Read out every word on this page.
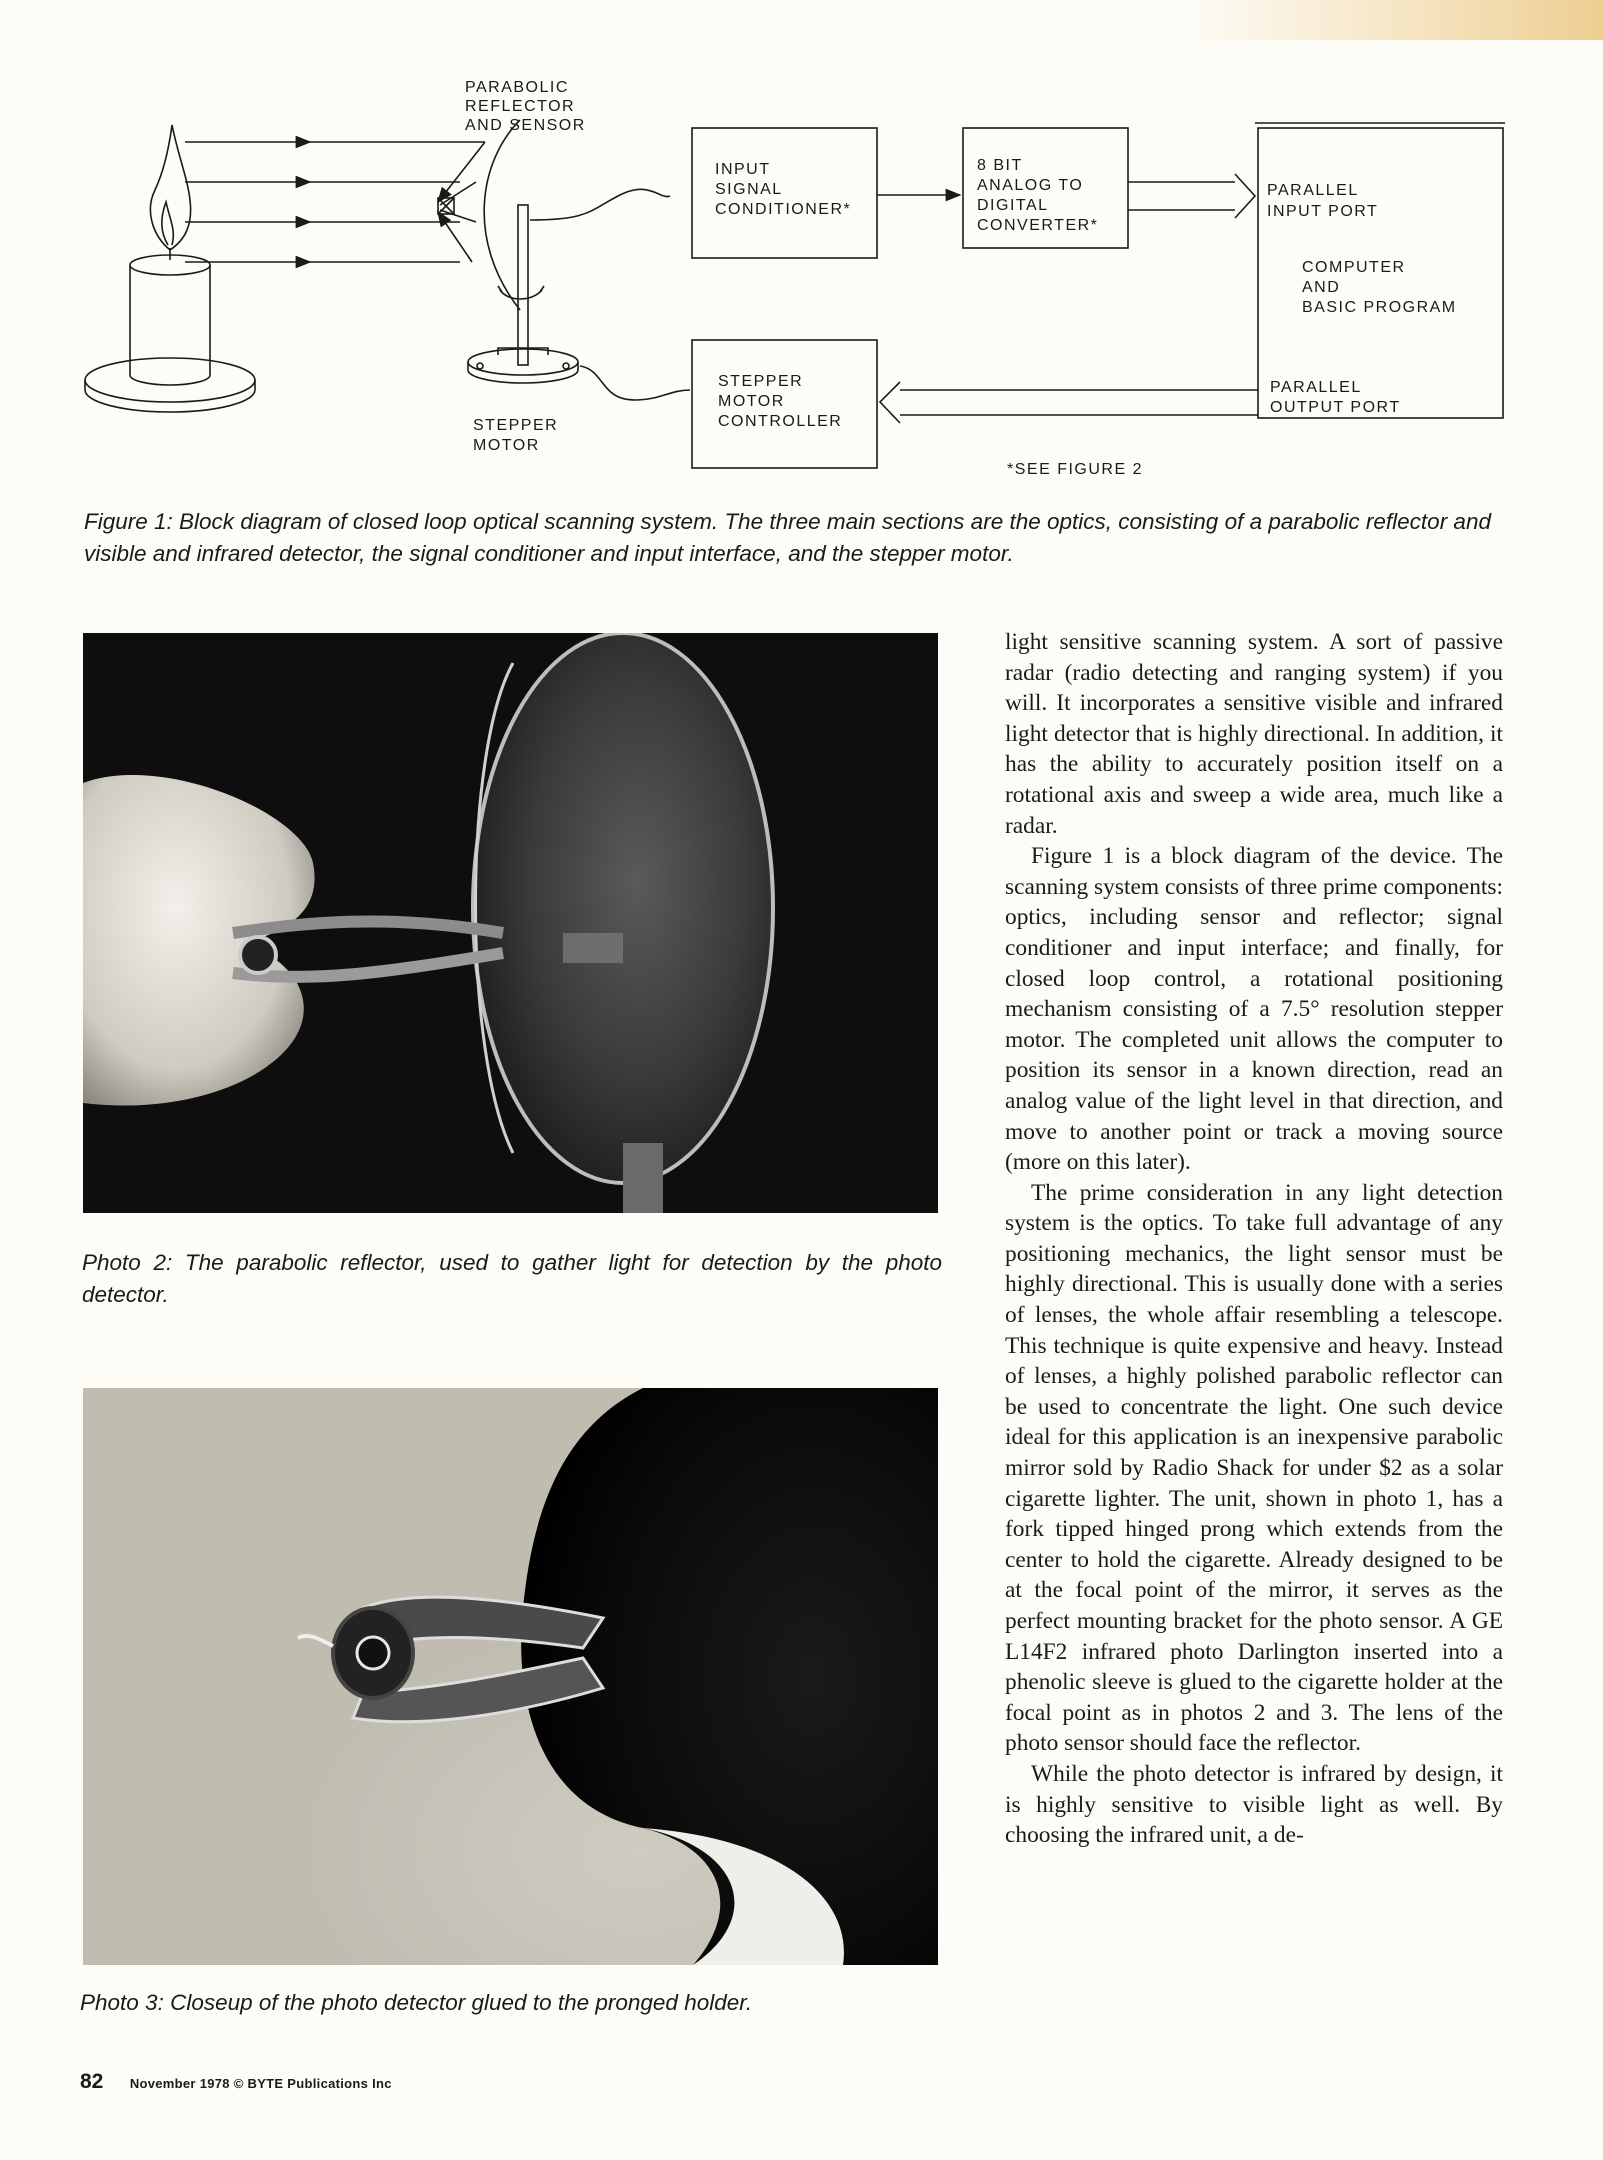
PARABOLIC
REFLECTOR
AND SENSOR
INPUT
SIGNAL
CONDITIONER*
8 BIT
ANALOG TO
DIGITAL
CONVERTER*
PARALLEL
INPUT PORT
COMPUTER
AND
BASIC PROGRAM
PARALLEL
OUTPUT PORT
STEPPER
MOTOR
CONTROLLER
STEPPER
MOTOR
*SEE FIGURE 2

Figure 1: Block diagram of closed loop optical scanning system. The three main sections are the optics, consisting of a parabolic reflector and visible and infrared detector, the signal conditioner and input interface, and the stepper motor.

Photo 2: The parabolic reflector, used to gather light for detection by the photo detector.

Photo 3: Closeup of the photo detector glued to the pronged holder.

light sensitive scanning system. A sort of passive radar (radio detecting and ranging system) if you will. It incorporates a sensitive visible and infrared light detector that is highly directional. In addition, it has the ability to accurately position itself on a rotational axis and sweep a wide area, much like a radar.

Figure 1 is a block diagram of the device. The scanning system consists of three prime components: optics, including sensor and reflector; signal conditioner and input interface; and finally, for closed loop control, a rotational positioning mechanism consisting of a 7.5° resolution stepper motor. The completed unit allows the computer to position its sensor in a known direction, read an analog value of the light level in that direction, and move to another point or track a moving source (more on this later).

The prime consideration in any light detection system is the optics. To take full advantage of any positioning mechanics, the light sensor must be highly directional. This is usually done with a series of lenses, the whole affair resembling a telescope. This technique is quite expensive and heavy. Instead of lenses, a highly polished parabolic reflector can be used to concentrate the light. One such device ideal for this application is an inexpensive parabolic mirror sold by Radio Shack for under $2 as a solar cigarette lighter. The unit, shown in photo 1, has a fork tipped hinged prong which extends from the center to hold the cigarette. Already designed to be at the focal point of the mirror, it serves as the perfect mounting bracket for the photo sensor. A GE L14F2 infrared photo Darlington inserted into a phenolic sleeve is glued to the cigarette holder at the focal point as in photos 2 and 3. The lens of the photo sensor should face the reflector.

While the photo detector is infrared by design, it is highly sensitive to visible light as well. By choosing the infrared unit, a de-

82 November 1978 © BYTE Publications Inc
